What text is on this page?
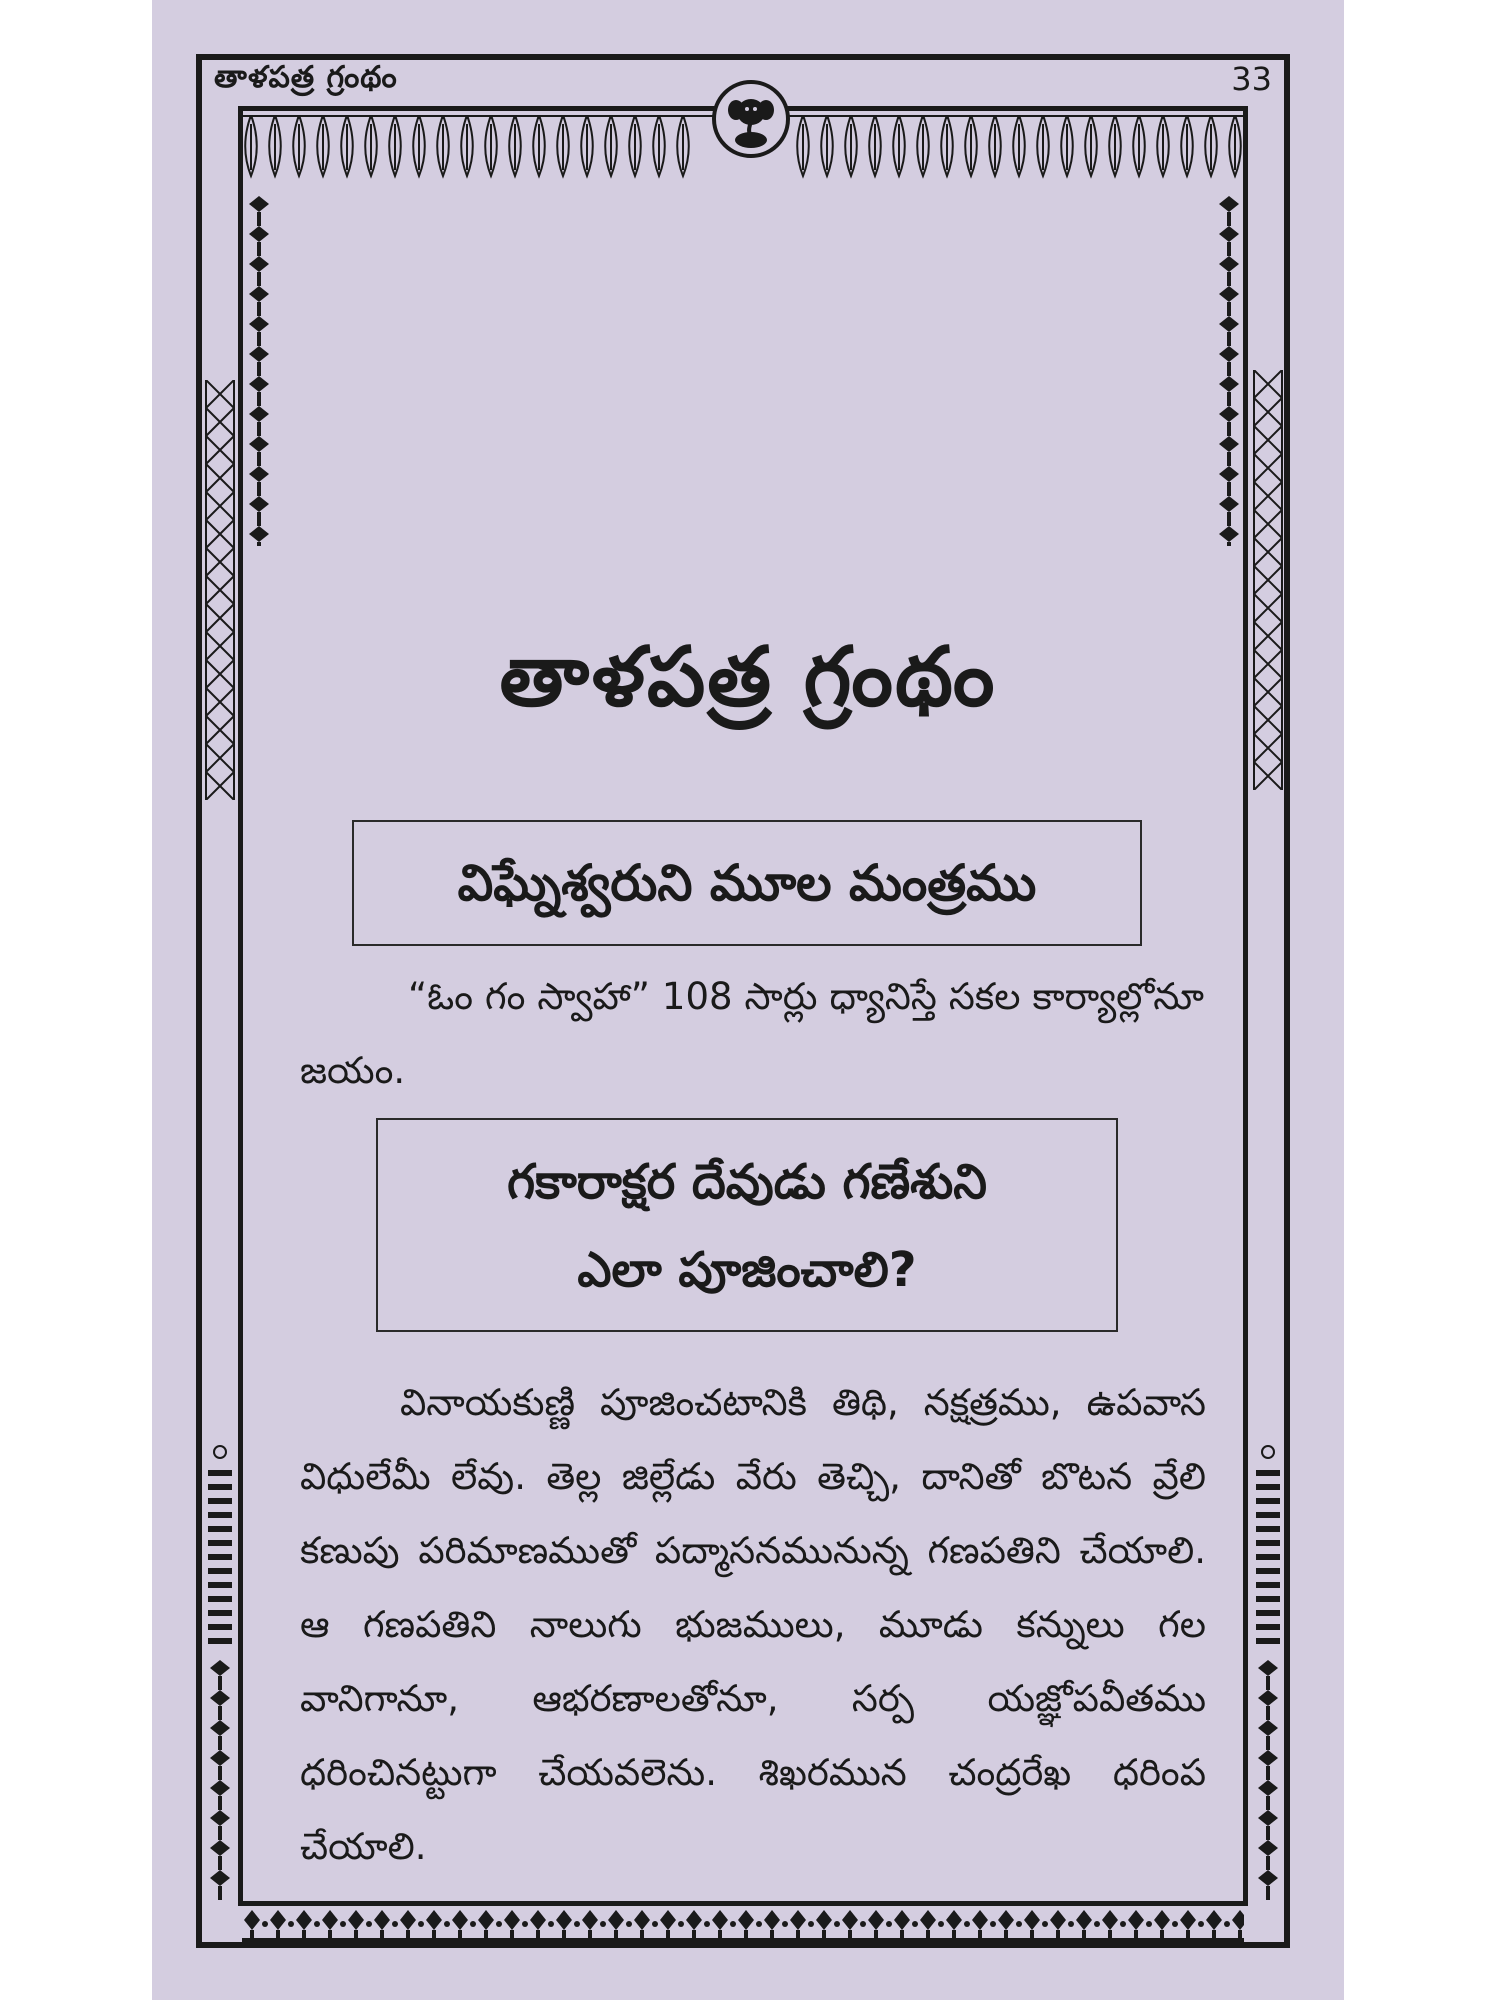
తాళపత్ర గ్రంథం	33
తాళపత్ర గ్రంథం
విఘ్నేశ్వరుని మూల మంత్రము
“ఓం గం స్వాహా” 108 సార్లు ధ్యానిస్తే సకల కార్యాల్లోనూ జయం.
గకారాక్షర దేవుడు గణేశుని
ఎలా పూజించాలి?
వినాయకుణ్ణి పూజించటానికి తిథి, నక్షత్రము, ఉపవాస విధులేమీ లేవు. తెల్ల జిల్లేడు వేరు తెచ్చి, దానితో బొటన వ్రేలి కణుపు పరిమాణముతో పద్మాసనమునున్న గణపతిని చేయాలి. ఆ గణపతిని నాలుగు భుజములు, మూడు కన్నులు గల వానిగానూ, ఆభరణాలతోనూ, సర్ప యజ్ఞోపవీతము ధరించినట్టుగా చేయవలెను. శిఖరమున చంద్రరేఖ ధరింప చేయాలి.
